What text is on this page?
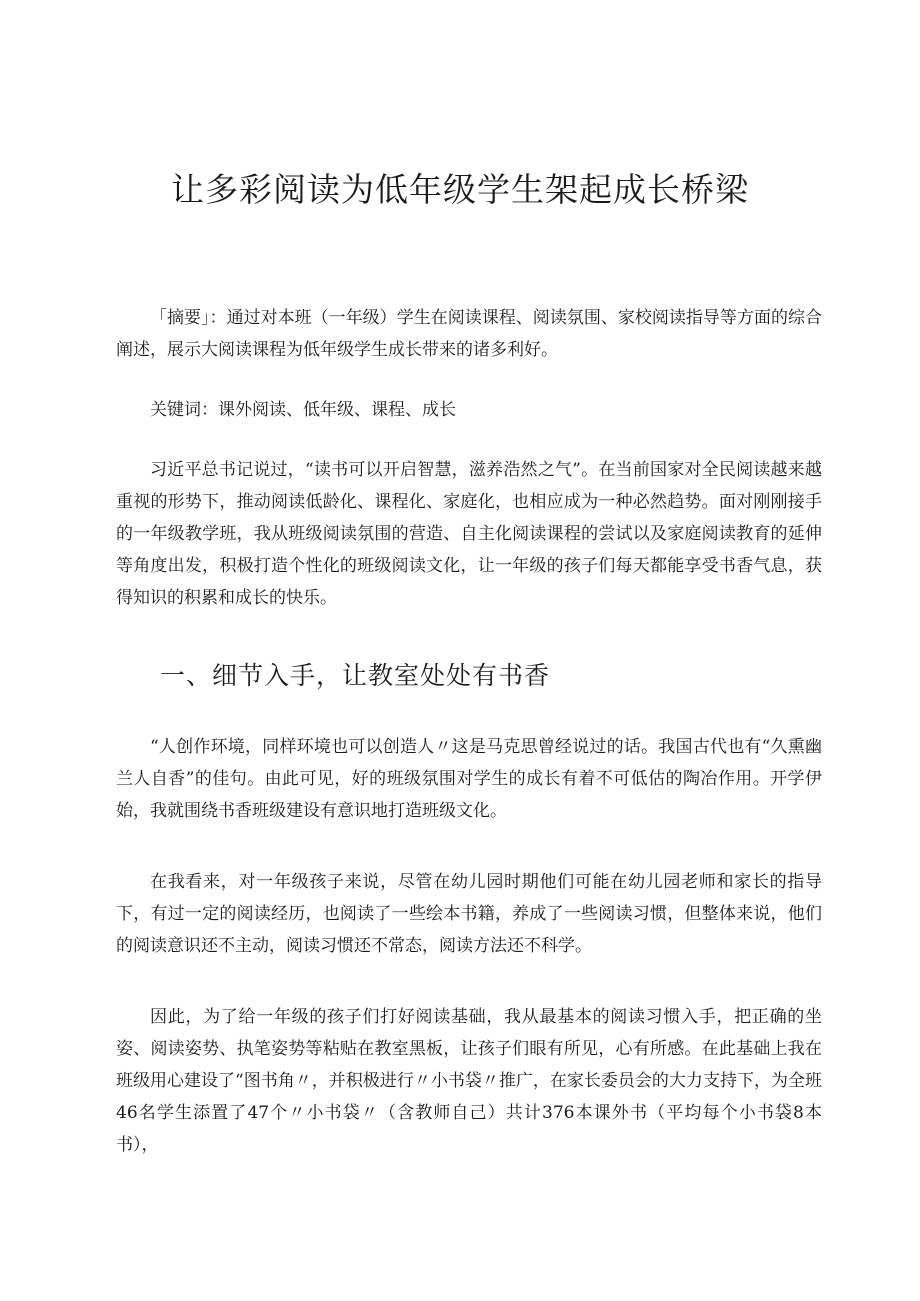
让多彩阅读为低年级学生架起成长桥梁

「摘要」：通过对本班（一年级）学生在阅读课程、阅读氛围、家校阅读指导等方面的综合阐述，展示大阅读课程为低年级学生成长带来的诸多利好。

关键词：课外阅读、低年级、课程、成长

习近平总书记说过，“读书可以开启智慧，滋养浩然之气”。在当前国家对全民阅读越来越重视的形势下，推动阅读低龄化、课程化、家庭化，也相应成为一种必然趋势。面对刚刚接手的一年级教学班，我从班级阅读氛围的营造、自主化阅读课程的尝试以及家庭阅读教育的延伸等角度出发，积极打造个性化的班级阅读文化，让一年级的孩子们每天都能享受书香气息，获得知识的积累和成长的快乐。

一、细节入手，让教室处处有书香

“人创作环境，同样环境也可以创造人〃这是马克思曾经说过的话。我国古代也有“久熏幽兰人自香”的佳句。由此可见，好的班级氛围对学生的成长有着不可低估的陶冶作用。开学伊始，我就围绕书香班级建设有意识地打造班级文化。

在我看来，对一年级孩子来说，尽管在幼儿园时期他们可能在幼儿园老师和家长的指导下，有过一定的阅读经历，也阅读了一些绘本书籍，养成了一些阅读习惯，但整体来说，他们的阅读意识还不主动，阅读习惯还不常态，阅读方法还不科学。

因此，为了给一年级的孩子们打好阅读基础，我从最基本的阅读习惯入手，把正确的坐姿、阅读姿势、执笔姿势等粘贴在教室黑板，让孩子们眼有所见，心有所感。在此基础上我在班级用心建设了“图书角〃，并积极进行〃小书袋〃推广，在家长委员会的大力支持下，为全班46名学生添置了47个〃小书袋〃（含教师自己）共计376本课外书（平均每个小书袋8本书），
